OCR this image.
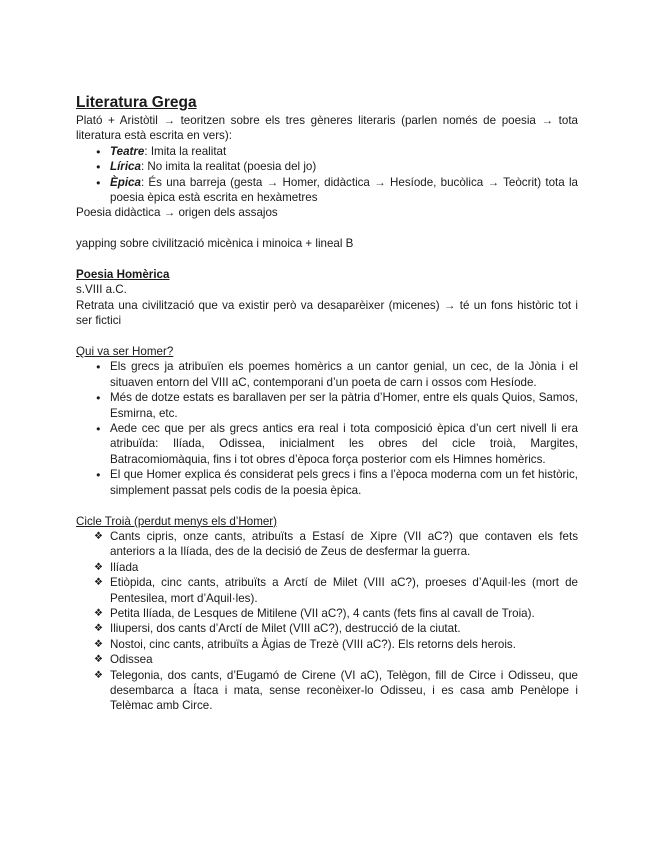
Literatura Grega

Plató + Aristòtil → teoritzen sobre els tres gèneres literaris (parlen només de poesia → tota literatura està escrita en vers):

● Teatre: Imita la realitat
● Lírica: No imita la realitat (poesia del jo)
● Èpica: És una barreja (gesta → Homer, didàctica → Hesíode, bucòlica → Teòcrit) tota la poesia èpica està escrita en hexàmetres

Poesia didàctica → origen dels assajos

yapping sobre civilització micènica i minoica + lineal B

Poesia Homèrica

s.VIII a.C.

Retrata una civilització que va existir però va desaparèixer (micenes) → té un fons històric tot i ser fictici

Qui va ser Homer?

● Els grecs ja atribuïen els poemes homèrics a un cantor genial, un cec, de la Jònia i el situaven entorn del VIII aC, contemporani d’un poeta de carn i ossos com Hesíode.
● Més de dotze estats es barallaven per ser la pàtria d’Homer, entre els quals Quios, Samos, Esmirna, etc.
● Aede cec que per als grecs antics era real i tota composició èpica d’un cert nivell li era atribuïda: Ilíada, Odissea, inicialment les obres del cicle troià, Margites, Batracomiomàquia, fins i tot obres d’època força posterior com els Himnes homèrics.
● El que Homer explica és considerat pels grecs i fins a l’època moderna com un fet històric, simplement passat pels codis de la poesia èpica.

Cicle Troià (perdut menys els d’Homer)

❖ Cants cipris, onze cants, atribuïts a Estasí de Xipre (VII aC?) que contaven els fets anteriors a la Ilíada, des de la decisió de Zeus de desfermar la guerra.
❖ Ilíada
❖ Etiòpida, cinc cants, atribuïts a Arctí de Milet (VIII aC?), proeses d’Aquil·les (mort de Pentesilea, mort d’Aquil·les).
❖ Petita Ilíada, de Lesques de Mitilene (VII aC?), 4 cants (fets fins al cavall de Troia).
❖ Iliupersi, dos cants d’Arctí de Milet (VIII aC?), destrucció de la ciutat.
❖ Nostoi, cinc cants, atribuïts a Àgias de Trezè (VIII aC?). Els retorns dels herois.
❖ Odissea
❖ Telegonia, dos cants, d’Eugamó de Cirene (VI aC), Telègon, fill de Circe i Odisseu, que desembarca a Ítaca i mata, sense reconèixer-lo Odisseu, i es casa amb Penèlope i Telèmac amb Circe.
